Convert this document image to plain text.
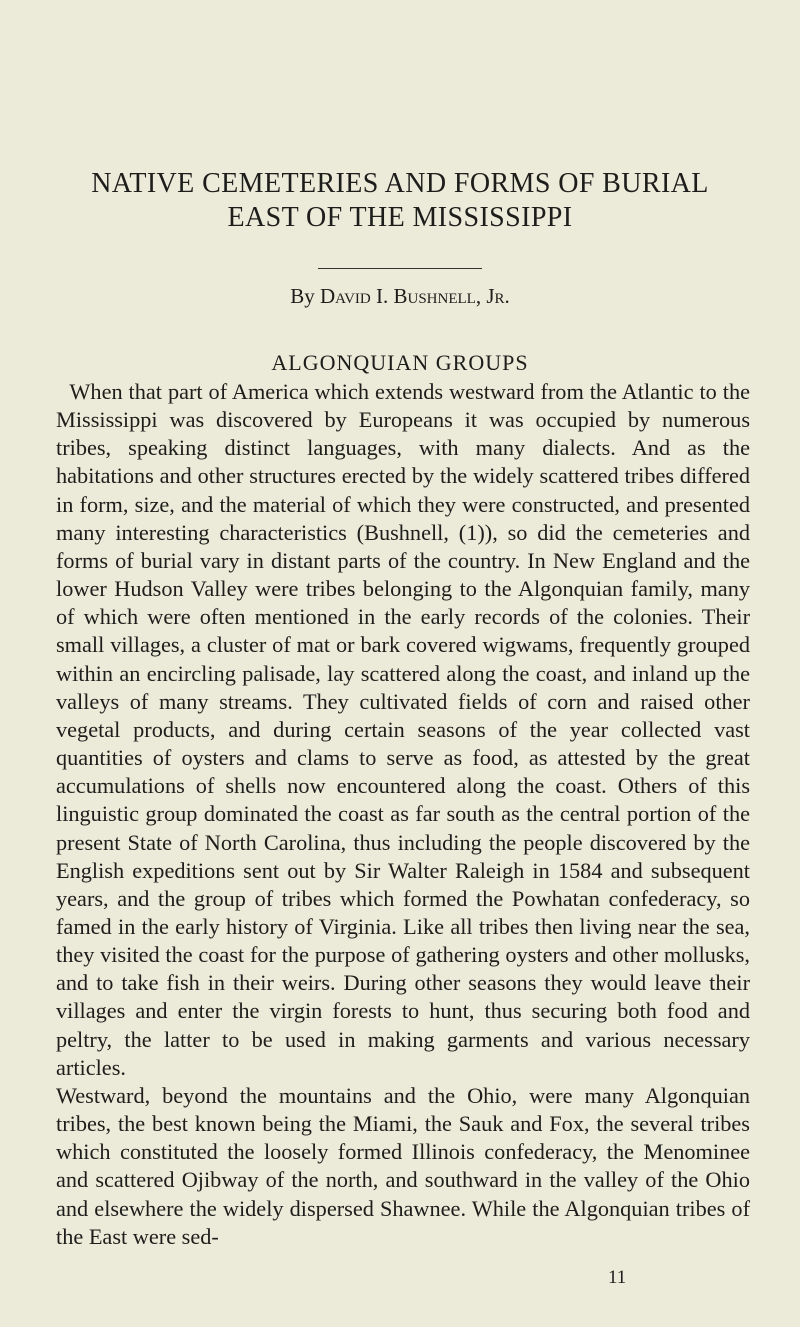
NATIVE CEMETERIES AND FORMS OF BURIAL
EAST OF THE MISSISSIPPI
By David I. Bushnell, Jr.
ALGONQUIAN GROUPS

When that part of America which extends westward from the Atlantic to the Mississippi was discovered by Europeans it was occupied by numerous tribes, speaking distinct languages, with many dialects. And as the habitations and other structures erected by the widely scattered tribes differed in form, size, and the material of which they were constructed, and presented many interesting characteristics (Bushnell, (1)), so did the cemeteries and forms of burial vary in distant parts of the country. In New England and the lower Hudson Valley were tribes belonging to the Algonquian family, many of which were often mentioned in the early records of the colonies. Their small villages, a cluster of mat or bark covered wigwams, frequently grouped within an encircling palisade, lay scattered along the coast, and inland up the valleys of many streams. They cultivated fields of corn and raised other vegetal products, and during certain seasons of the year collected vast quantities of oysters and clams to serve as food, as attested by the great accumulations of shells now encountered along the coast. Others of this linguistic group dominated the coast as far south as the central portion of the present State of North Carolina, thus including the people discovered by the English expeditions sent out by Sir Walter Raleigh in 1584 and subsequent years, and the group of tribes which formed the Powhatan confederacy, so famed in the early history of Virginia. Like all tribes then living near the sea, they visited the coast for the purpose of gathering oysters and other mollusks, and to take fish in their weirs. During other seasons they would leave their villages and enter the virgin forests to hunt, thus securing both food and peltry, the latter to be used in making garments and various necessary articles.

Westward, beyond the mountains and the Ohio, were many Algonquian tribes, the best known being the Miami, the Sauk and Fox, the several tribes which constituted the loosely formed Illinois confederacy, the Menominee and scattered Ojibway of the north, and southward in the valley of the Ohio and elsewhere the widely dispersed Shawnee. While the Algonquian tribes of the East were sed-

11
